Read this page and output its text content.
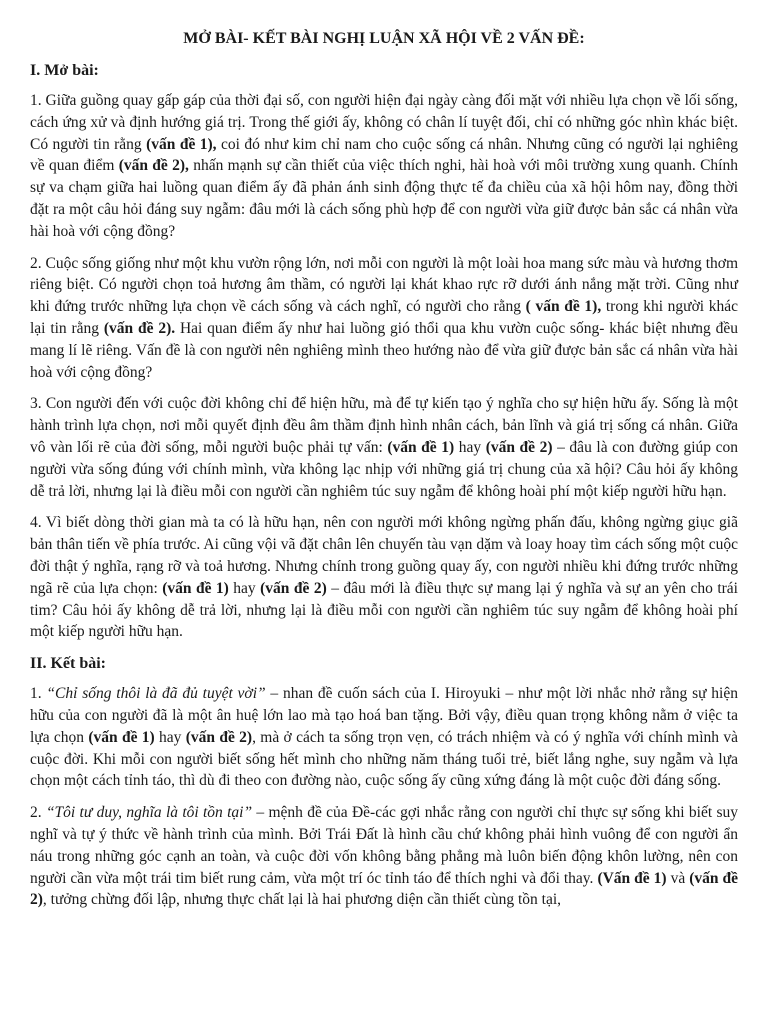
MỞ BÀI- KẾT BÀI NGHỊ LUẬN XÃ HỘI VỀ 2 VẤN ĐỀ:
I. Mở bài:

1. Giữa guồng quay gấp gáp của thời đại số, con người hiện đại ngày càng đối mặt với nhiều lựa chọn về lối sống, cách ứng xử và định hướng giá trị. Trong thế giới ấy, không có chân lí tuyệt đối, chỉ có những góc nhìn khác biệt. Có người tin rằng (vấn đề 1), coi đó như kim chỉ nam cho cuộc sống cá nhân. Nhưng cũng có người lại nghiêng về quan điểm (vấn đề 2), nhấn mạnh sự cần thiết của việc thích nghi, hài hoà với môi trường xung quanh. Chính sự va chạm giữa hai luồng quan điểm ấy đã phản ánh sinh động thực tế đa chiều của xã hội hôm nay, đồng thời đặt ra một câu hỏi đáng suy ngẫm: đâu mới là cách sống phù hợp để con người vừa giữ được bản sắc cá nhân vừa hài hoà với cộng đồng?

2. Cuộc sống giống như một khu vườn rộng lớn, nơi mỗi con người là một loài hoa mang sức màu và hương thơm riêng biệt. Có người chọn toả hương âm thầm, có người lại khát khao rực rỡ dưới ánh nắng mặt trời. Cũng như khi đứng trước những lựa chọn về cách sống và cách nghĩ, có người cho rằng ( vấn đề 1), trong khi người khác lại tin rằng (vấn đề 2). Hai quan điểm ấy như hai luồng gió thổi qua khu vườn cuộc sống- khác biệt nhưng đều mang lí lẽ riêng. Vấn đề là con người nên nghiêng mình theo hướng nào để vừa giữ được bản sắc cá nhân vừa hài hoà với cộng đồng?

3. Con người đến với cuộc đời không chỉ để hiện hữu, mà để tự kiến tạo ý nghĩa cho sự hiện hữu ấy. Sống là một hành trình lựa chọn, nơi mỗi quyết định đều âm thầm định hình nhân cách, bản lĩnh và giá trị sống cá nhân. Giữa vô vàn lối rẽ của đời sống, mỗi người buộc phải tự vấn: (vấn đề 1) hay (vấn đề 2) – đâu là con đường giúp con người vừa sống đúng với chính mình, vừa không lạc nhịp với những giá trị chung của xã hội? Câu hỏi ấy không dễ trả lời, nhưng lại là điều mỗi con người cần nghiêm túc suy ngẫm để không hoài phí một kiếp người hữu hạn.

4. Vì biết dòng thời gian mà ta có là hữu hạn, nên con người mới không ngừng phấn đấu, không ngừng giục giã bản thân tiến về phía trước. Ai cũng vội vã đặt chân lên chuyến tàu vạn dặm và loay hoay tìm cách sống một cuộc đời thật ý nghĩa, rạng rỡ và toả hương. Nhưng chính trong guồng quay ấy, con người nhiều khi đứng trước những ngã rẽ của lựa chọn: (vấn đề 1) hay (vấn đề 2) – đâu mới là điều thực sự mang lại ý nghĩa và sự an yên cho trái tim? Câu hỏi ấy không dễ trả lời, nhưng lại là điều mỗi con người cần nghiêm túc suy ngẫm để không hoài phí một kiếp người hữu hạn.

II. Kết bài:

1. “Chỉ sống thôi là đã đủ tuyệt vời” – nhan đề cuốn sách của I. Hiroyuki – như một lời nhắc nhở rằng sự hiện hữu của con người đã là một ân huệ lớn lao mà tạo hoá ban tặng. Bởi vậy, điều quan trọng không nằm ở việc ta lựa chọn (vấn đề 1) hay (vấn đề 2), mà ở cách ta sống trọn vẹn, có trách nhiệm và có ý nghĩa với chính mình và cuộc đời. Khi mỗi con người biết sống hết mình cho những năm tháng tuổi trẻ, biết lắng nghe, suy ngẫm và lựa chọn một cách tỉnh táo, thì dù đi theo con đường nào, cuộc sống ấy cũng xứng đáng là một cuộc đời đáng sống.

2. “Tôi tư duy, nghĩa là tôi tồn tại” – mệnh đề của Đề-các gợi nhắc rằng con người chỉ thực sự sống khi biết suy nghĩ và tự ý thức về hành trình của mình. Bởi Trái Đất là hình cầu chứ không phải hình vuông để con người ẩn náu trong những góc cạnh an toàn, và cuộc đời vốn không bằng phẳng mà luôn biến động khôn lường, nên con người cần vừa một trái tim biết rung cảm, vừa một trí óc tỉnh táo để thích nghi và đổi thay. (Vấn đề 1) và (vấn đề 2), tưởng chừng đối lập, nhưng thực chất lại là hai phương diện cần thiết cùng tồn tại,
